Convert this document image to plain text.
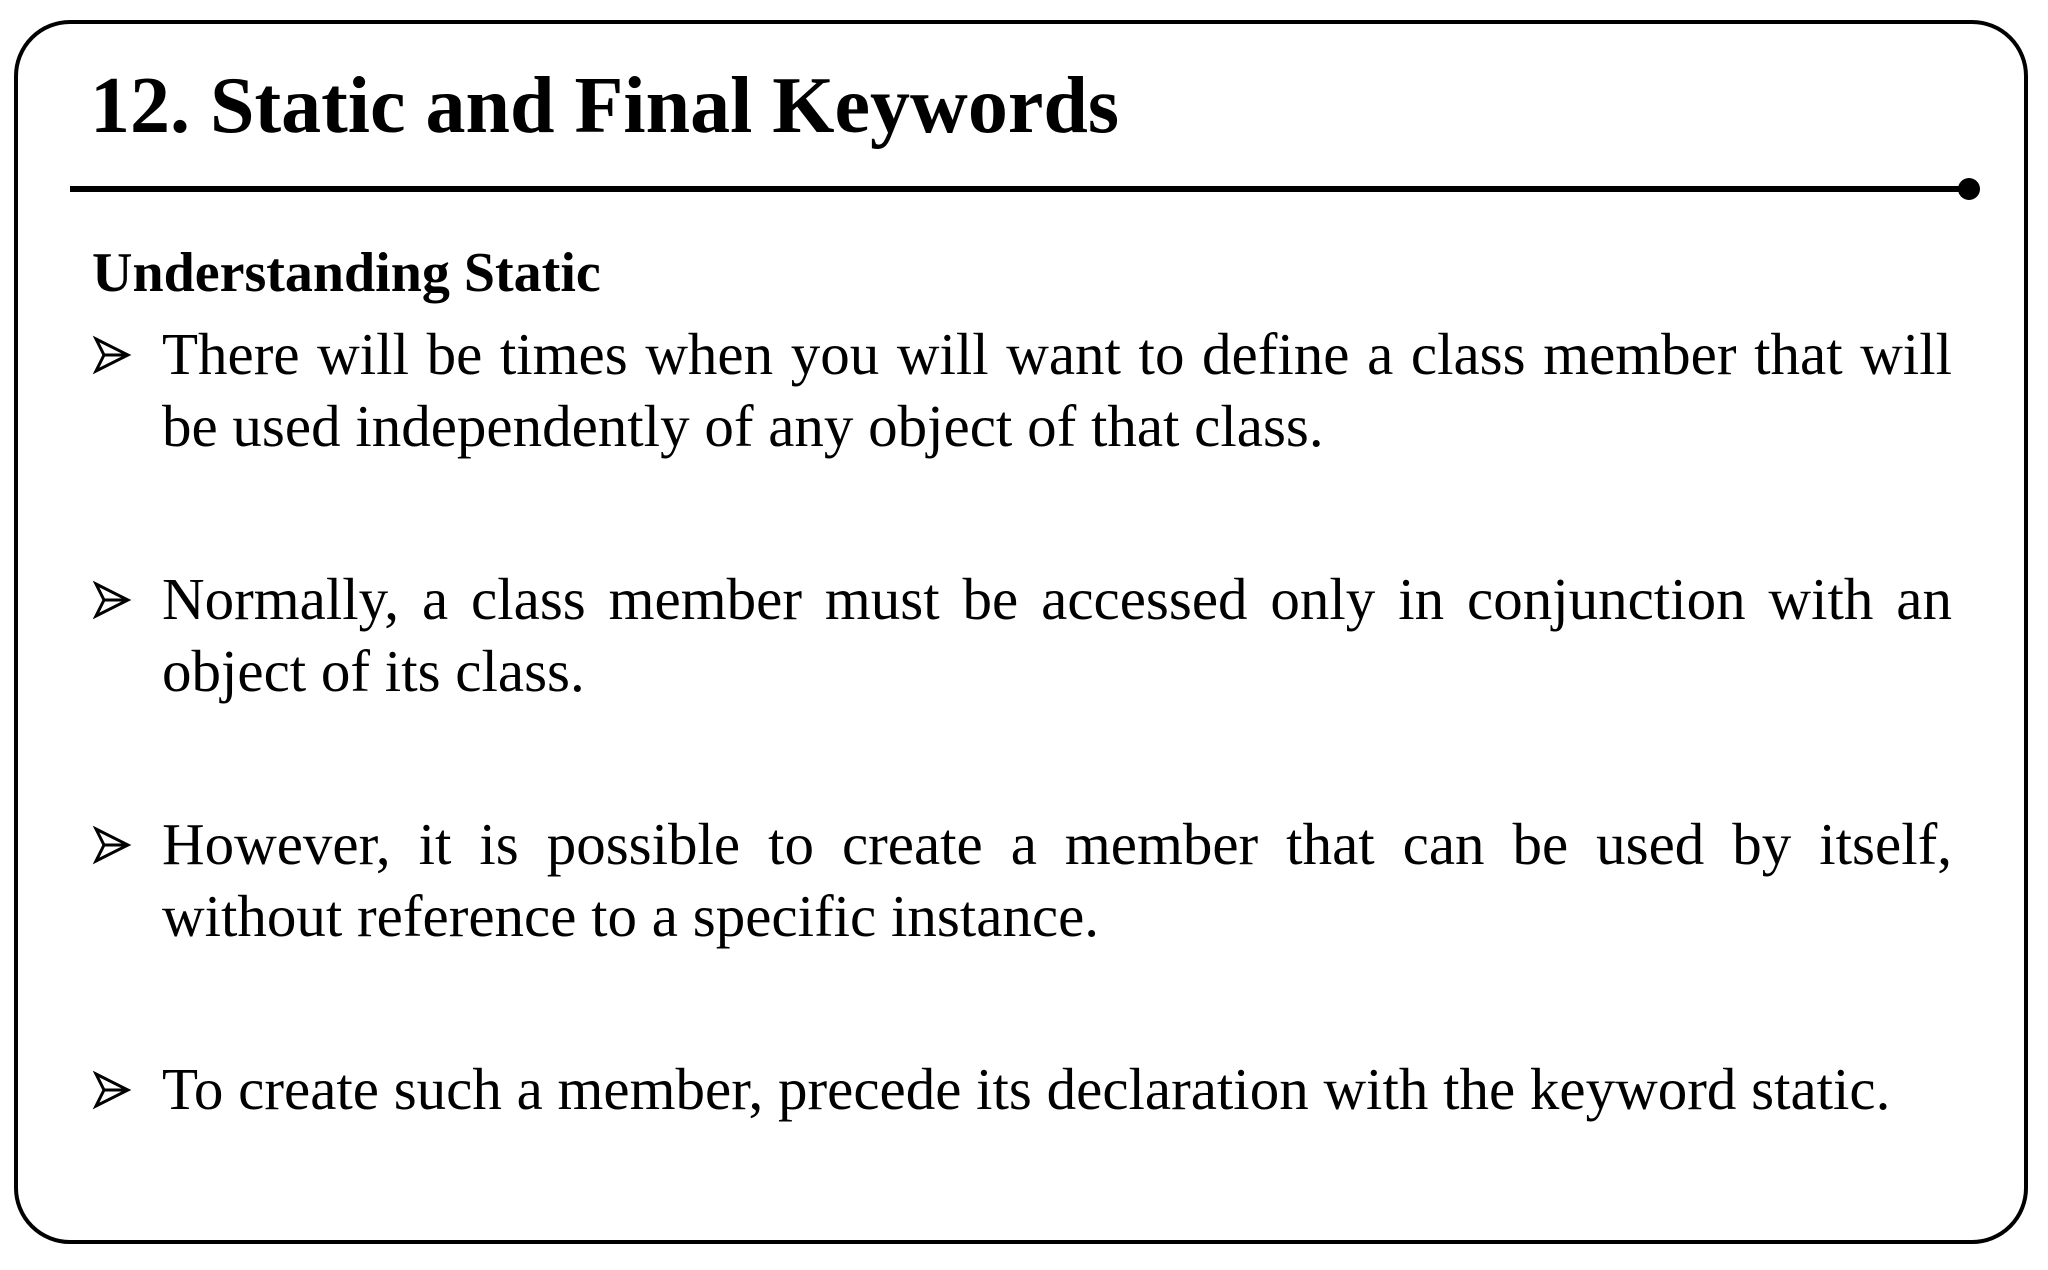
12. Static and Final Keywords
Understanding Static
There will be times when you will want to define a class member that will be used independently of any object of that class.
Normally, a class member must be accessed only in conjunction with an object of its class.
However, it is possible to create a member that can be used by itself, without reference to a specific instance.
To create such a member, precede its declaration with the keyword static.
